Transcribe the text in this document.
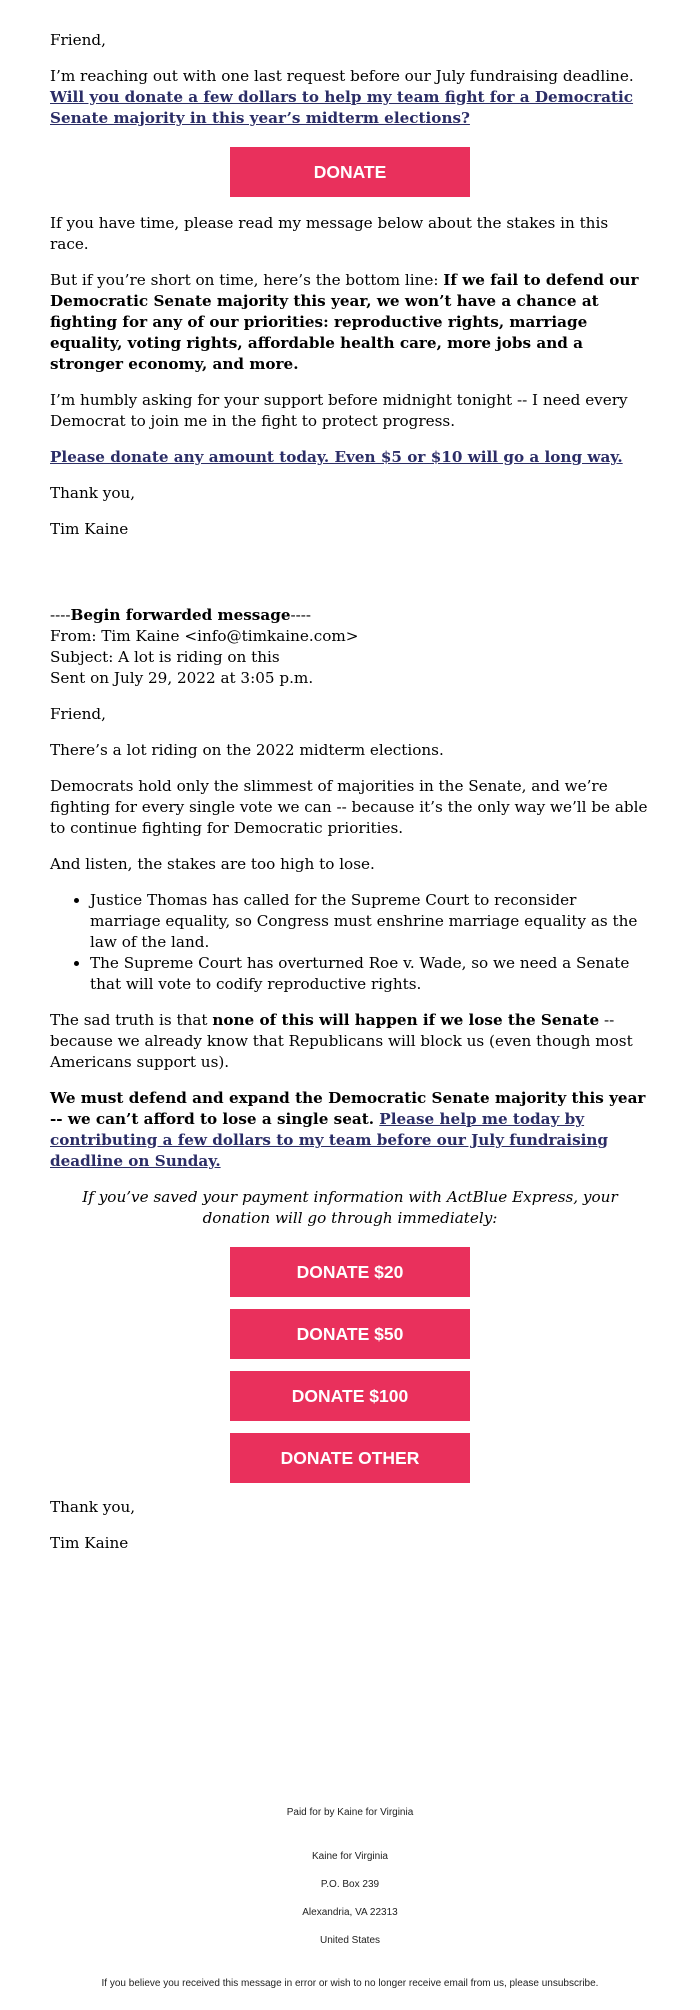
Friend,

I’m reaching out with one last request before our July fundraising deadline. Will you donate a few dollars to help my team fight for a Democratic Senate majority in this year’s midterm elections?

DONATE

If you have time, please read my message below about the stakes in this race.

But if you’re short on time, here’s the bottom line: If we fail to defend our Democratic Senate majority this year, we won’t have a chance at fighting for any of our priorities: reproductive rights, marriage equality, voting rights, affordable health care, more jobs and a stronger economy, and more.

I’m humbly asking for your support before midnight tonight -- I need every Democrat to join me in the fight to protect progress.

Please donate any amount today. Even $5 or $10 will go a long way.

Thank you,

Tim Kaine

----Begin forwarded message----
From: Tim Kaine <info@timkaine.com>
Subject: A lot is riding on this
Sent on July 29, 2022 at 3:05 p.m.

Friend,

There’s a lot riding on the 2022 midterm elections.

Democrats hold only the slimmest of majorities in the Senate, and we’re fighting for every single vote we can -- because it’s the only way we’ll be able to continue fighting for Democratic priorities.

And listen, the stakes are too high to lose.

• Justice Thomas has called for the Supreme Court to reconsider marriage equality, so Congress must enshrine marriage equality as the law of the land.
• The Supreme Court has overturned Roe v. Wade, so we need a Senate that will vote to codify reproductive rights.

The sad truth is that none of this will happen if we lose the Senate -- because we already know that Republicans will block us (even though most Americans support us).

We must defend and expand the Democratic Senate majority this year -- we can’t afford to lose a single seat. Please help me today by contributing a few dollars to my team before our July fundraising deadline on Sunday.

If you’ve saved your payment information with ActBlue Express, your donation will go through immediately:

DONATE $20
DONATE $50
DONATE $100
DONATE OTHER

Thank you,

Tim Kaine

Paid for by Kaine for Virginia
Kaine for Virginia
P.O. Box 239
Alexandria, VA 22313
United States
If you believe you received this message in error or wish to no longer receive email from us, please unsubscribe.
